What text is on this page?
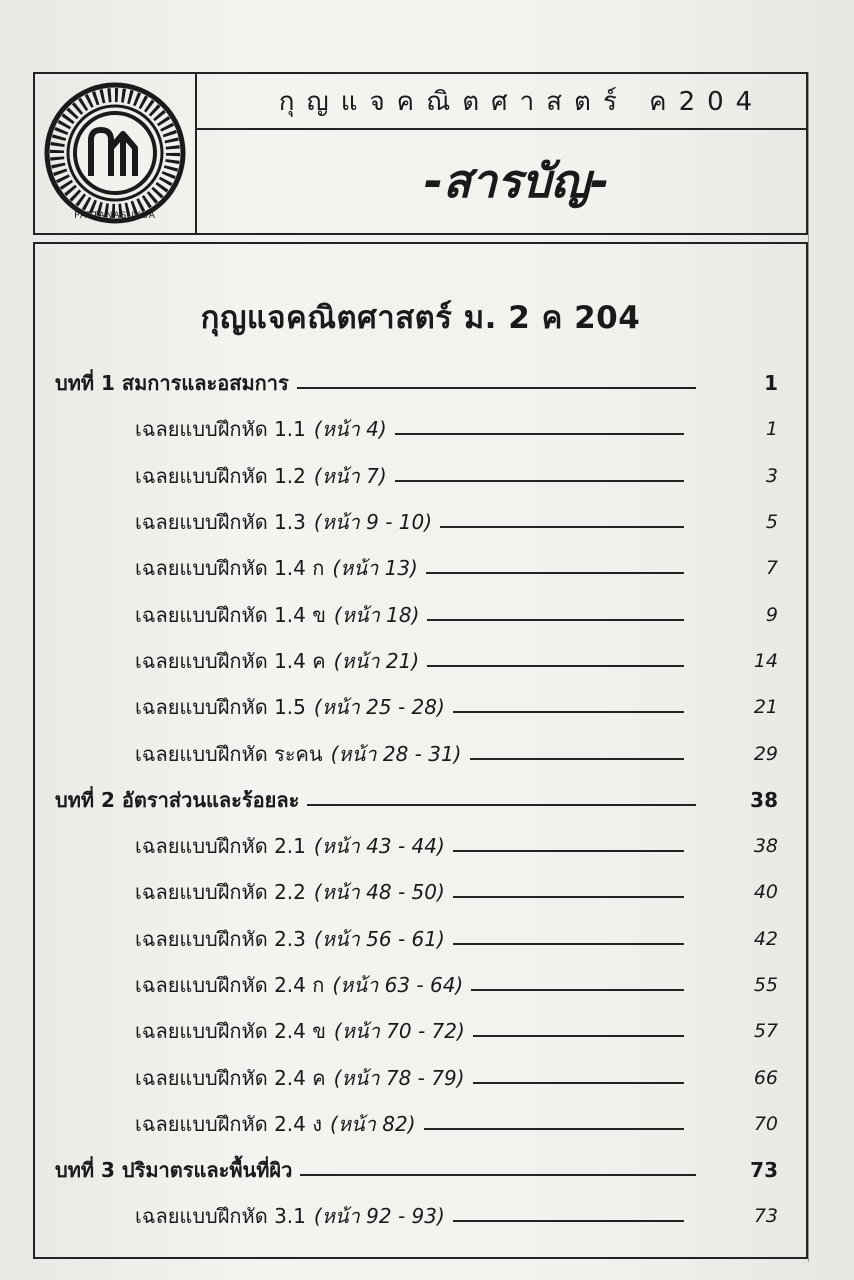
PATTANASUKSA
กุญแจคณิตศาสตร์ ค204
-สารบัญ-
กุญแจคณิตศาสตร์ ม. 2 ค 204
บทที่ 1 สมการและอสมการ	1
เฉลยแบบฝึกหัด 1.1 (หน้า 4)	1
เฉลยแบบฝึกหัด 1.2 (หน้า 7)	3
เฉลยแบบฝึกหัด 1.3 (หน้า 9 - 10)	5
เฉลยแบบฝึกหัด 1.4 ก (หน้า 13)	7
เฉลยแบบฝึกหัด 1.4 ข (หน้า 18)	9
เฉลยแบบฝึกหัด 1.4 ค (หน้า 21)	14
เฉลยแบบฝึกหัด 1.5 (หน้า 25 - 28)	21
เฉลยแบบฝึกหัด ระคน (หน้า 28 - 31)	29
บทที่ 2 อัตราส่วนและร้อยละ	38
เฉลยแบบฝึกหัด 2.1 (หน้า 43 - 44)	38
เฉลยแบบฝึกหัด 2.2 (หน้า 48 - 50)	40
เฉลยแบบฝึกหัด 2.3 (หน้า 56 - 61)	42
เฉลยแบบฝึกหัด 2.4 ก (หน้า 63 - 64)	55
เฉลยแบบฝึกหัด 2.4 ข (หน้า 70 - 72)	57
เฉลยแบบฝึกหัด 2.4 ค (หน้า 78 - 79)	66
เฉลยแบบฝึกหัด 2.4 ง (หน้า 82)	70
บทที่ 3 ปริมาตรและพื้นที่ผิว	73
เฉลยแบบฝึกหัด 3.1 (หน้า 92 - 93)	73
